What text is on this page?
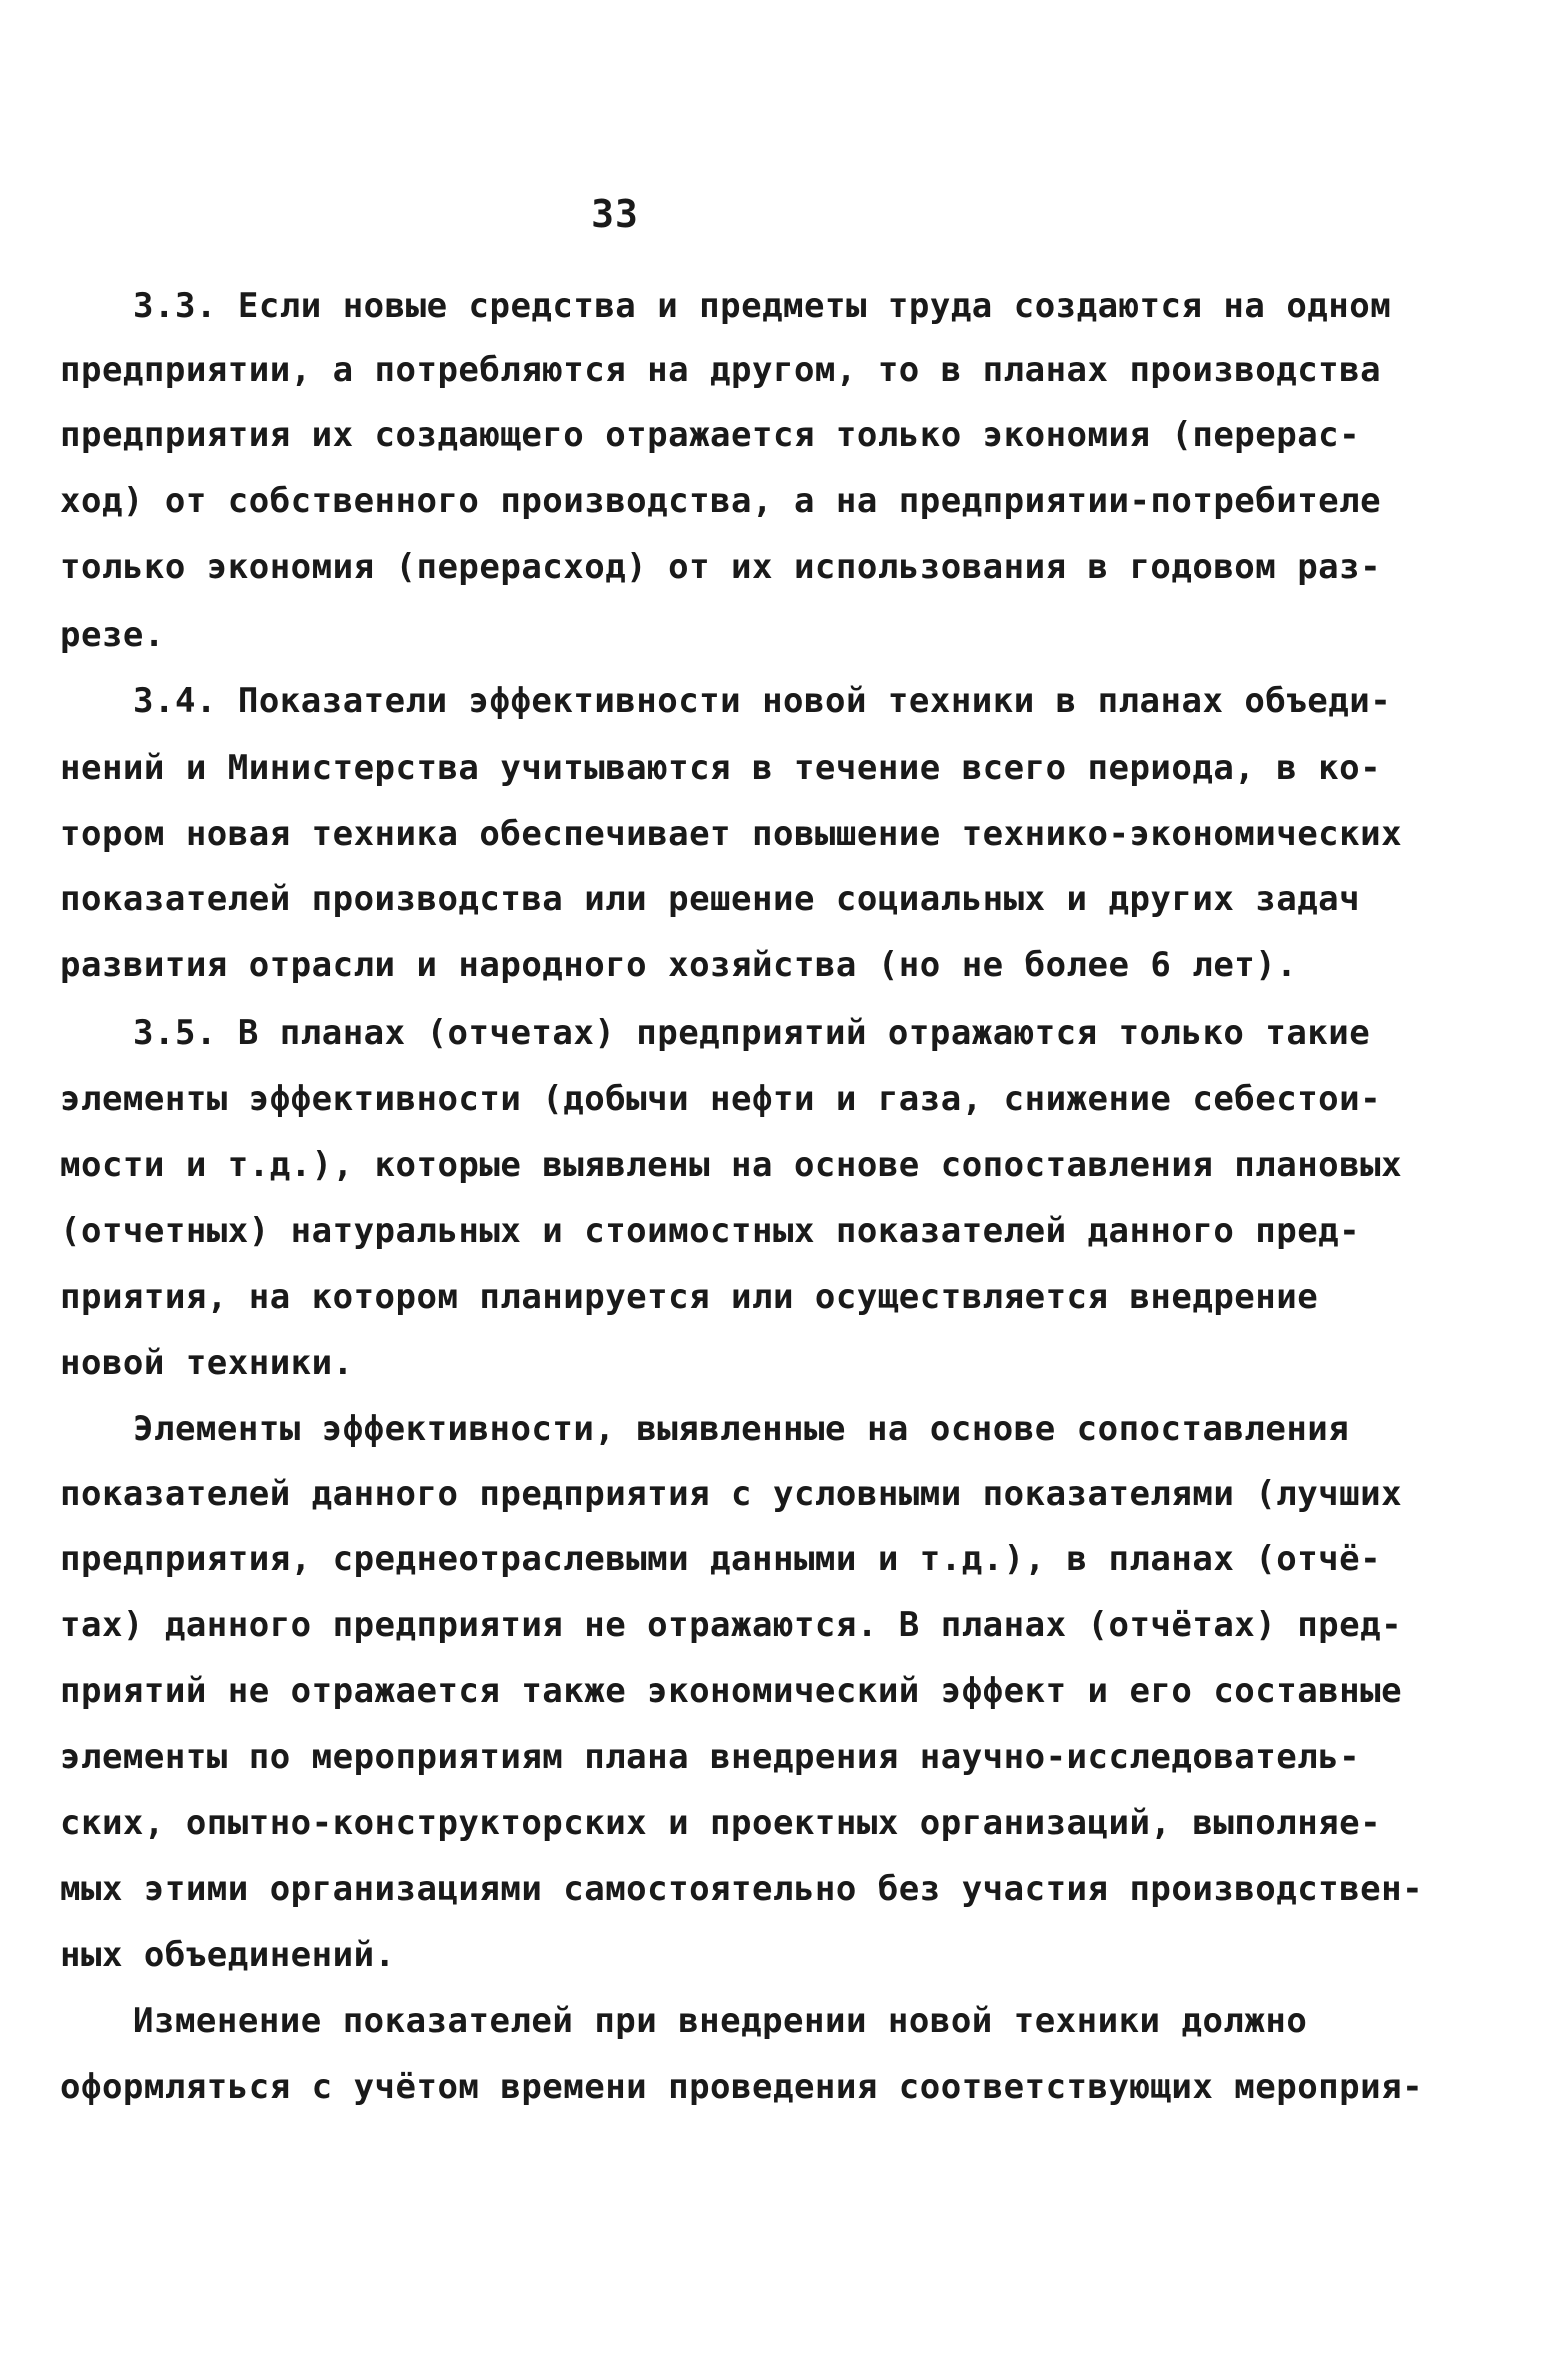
33
3.3. Если новые средства и предметы труда создаются на одном
предприятии, а потребляются на другом, то в планах производства
предприятия их создающего отражается только экономия (перерас-
ход) от собственного производства, а на предприятии-потребителе
только экономия (перерасход) от их использования в годовом раз-
резе.
3.4. Показатели эффективности новой техники в планах объеди-
нений и Министерства учитываются в течение всего периода, в ко-
тором новая техника обеспечивает повышение технико-экономических
показателей производства или решение социальных и других задач
развития отрасли и народного хозяйства (но не более 6 лет).
3.5. В планах (отчетах) предприятий отражаются только такие
элементы эффективности (добычи нефти и газа, снижение себестои-
мости и т.д.), которые выявлены на основе сопоставления плановых
(отчетных) натуральных и стоимостных показателей данного пред-
приятия, на котором планируется или осуществляется внедрение
новой техники.
Элементы эффективности, выявленные на основе сопоставления
показателей данного предприятия с условными показателями (лучших
предприятия, среднеотраслевыми данными и т.д.), в планах (отчё-
тах) данного предприятия не отражаются. В планах (отчётах) пред-
приятий не отражается также экономический эффект и его составные
элементы по мероприятиям плана внедрения научно-исследователь-
ских, опытно-конструкторских и проектных организаций, выполняе-
мых этими организациями самостоятельно без участия производствен-
ных объединений.
Изменение показателей при внедрении новой техники должно
оформляться с учётом времени проведения соответствующих мероприя-
